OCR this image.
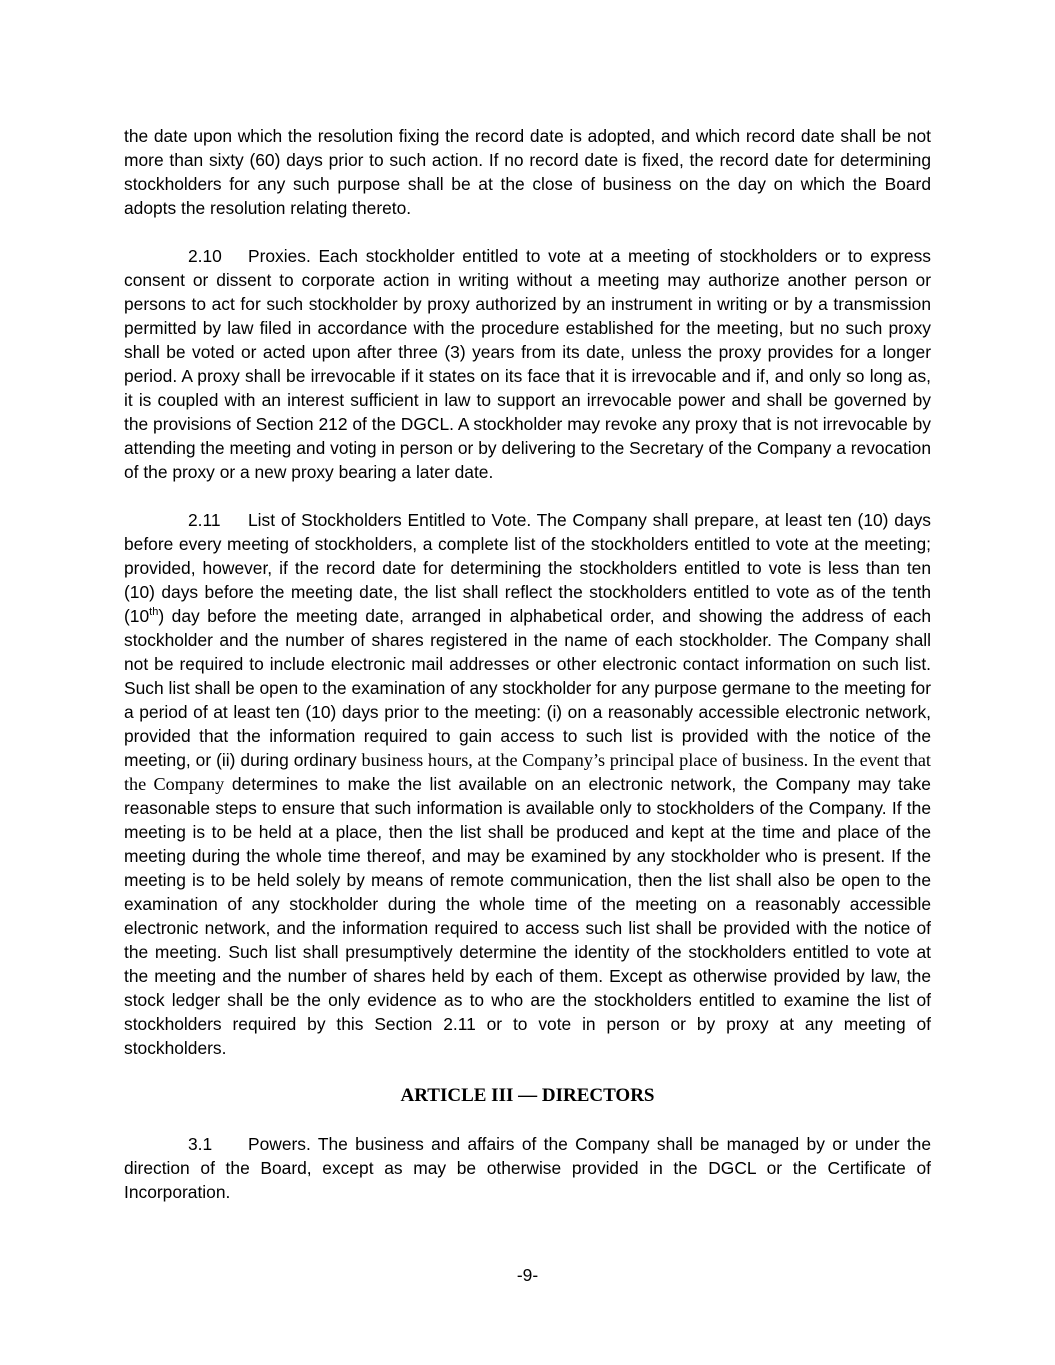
the date upon which the resolution fixing the record date is adopted, and which record date shall be not more than sixty (60) days prior to such action. If no record date is fixed, the record date for determining stockholders for any such purpose shall be at the close of business on the day on which the Board adopts the resolution relating thereto.

2.10 Proxies. Each stockholder entitled to vote at a meeting of stockholders or to express consent or dissent to corporate action in writing without a meeting may authorize another person or persons to act for such stockholder by proxy authorized by an instrument in writing or by a transmission permitted by law filed in accordance with the procedure established for the meeting, but no such proxy shall be voted or acted upon after three (3) years from its date, unless the proxy provides for a longer period. A proxy shall be irrevocable if it states on its face that it is irrevocable and if, and only so long as, it is coupled with an interest sufficient in law to support an irrevocable power and shall be governed by the provisions of Section 212 of the DGCL. A stockholder may revoke any proxy that is not irrevocable by attending the meeting and voting in person or by delivering to the Secretary of the Company a revocation of the proxy or a new proxy bearing a later date.

2.11 List of Stockholders Entitled to Vote. The Company shall prepare, at least ten (10) days before every meeting of stockholders, a complete list of the stockholders entitled to vote at the meeting; provided, however, if the record date for determining the stockholders entitled to vote is less than ten (10) days before the meeting date, the list shall reflect the stockholders entitled to vote as of the tenth (10th) day before the meeting date, arranged in alphabetical order, and showing the address of each stockholder and the number of shares registered in the name of each stockholder. The Company shall not be required to include electronic mail addresses or other electronic contact information on such list. Such list shall be open to the examination of any stockholder for any purpose germane to the meeting for a period of at least ten (10) days prior to the meeting: (i) on a reasonably accessible electronic network, provided that the information required to gain access to such list is provided with the notice of the meeting, or (ii) during ordinary business hours, at the Company’s principal place of business. In the event that the Company determines to make the list available on an electronic network, the Company may take reasonable steps to ensure that such information is available only to stockholders of the Company. If the meeting is to be held at a place, then the list shall be produced and kept at the time and place of the meeting during the whole time thereof, and may be examined by any stockholder who is present. If the meeting is to be held solely by means of remote communication, then the list shall also be open to the examination of any stockholder during the whole time of the meeting on a reasonably accessible electronic network, and the information required to access such list shall be provided with the notice of the meeting. Such list shall presumptively determine the identity of the stockholders entitled to vote at the meeting and the number of shares held by each of them. Except as otherwise provided by law, the stock ledger shall be the only evidence as to who are the stockholders entitled to examine the list of stockholders required by this Section 2.11 or to vote in person or by proxy at any meeting of stockholders.

ARTICLE III — DIRECTORS

3.1 Powers. The business and affairs of the Company shall be managed by or under the direction of the Board, except as may be otherwise provided in the DGCL or the Certificate of Incorporation.

-9-
